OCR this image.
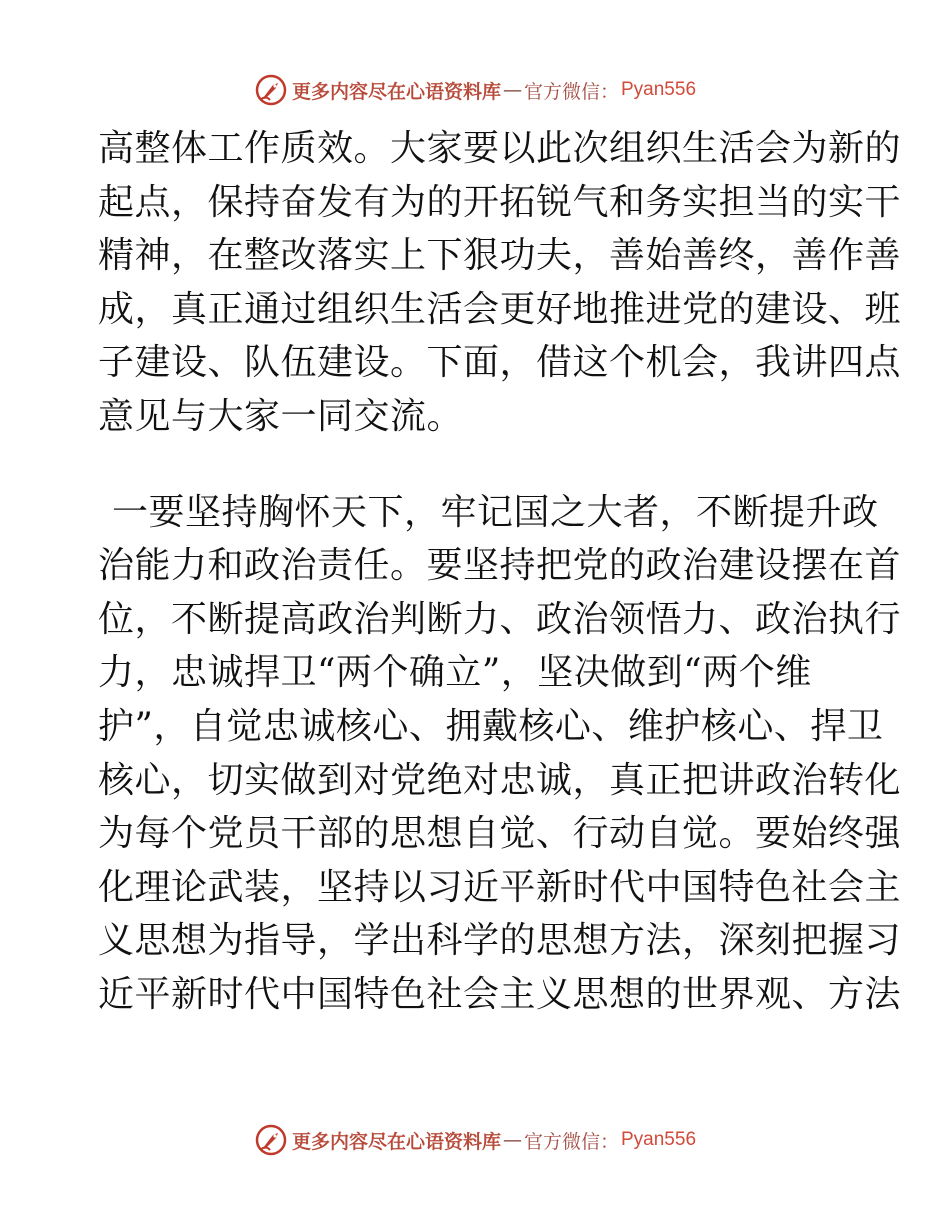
更多内容尽在心语资料库 — 官方微信： Pyan556
高整体工作质效。大家要以此次组织生活会为新的
起点，保持奋发有为的开拓锐气和务实担当的实干
精神，在整改落实上下狠功夫，善始善终，善作善
成，真正通过组织生活会更好地推进党的建设、班
子建设、队伍建设。下面，借这个机会，我讲四点
意见与大家一同交流。
一要坚持胸怀天下，牢记国之大者，不断提升政
治能力和政治责任。要坚持把党的政治建设摆在首
位，不断提高政治判断力、政治领悟力、政治执行
力，忠诚捍卫“两个确立”，坚决做到“两个维
护”，自觉忠诚核心、拥戴核心、维护核心、捍卫
核心，切实做到对党绝对忠诚，真正把讲政治转化
为每个党员干部的思想自觉、行动自觉。要始终强
化理论武装，坚持以习近平新时代中国特色社会主
义思想为指导，学出科学的思想方法，深刻把握习
近平新时代中国特色社会主义思想的世界观、方法
更多内容尽在心语资料库 — 官方微信： Pyan556
